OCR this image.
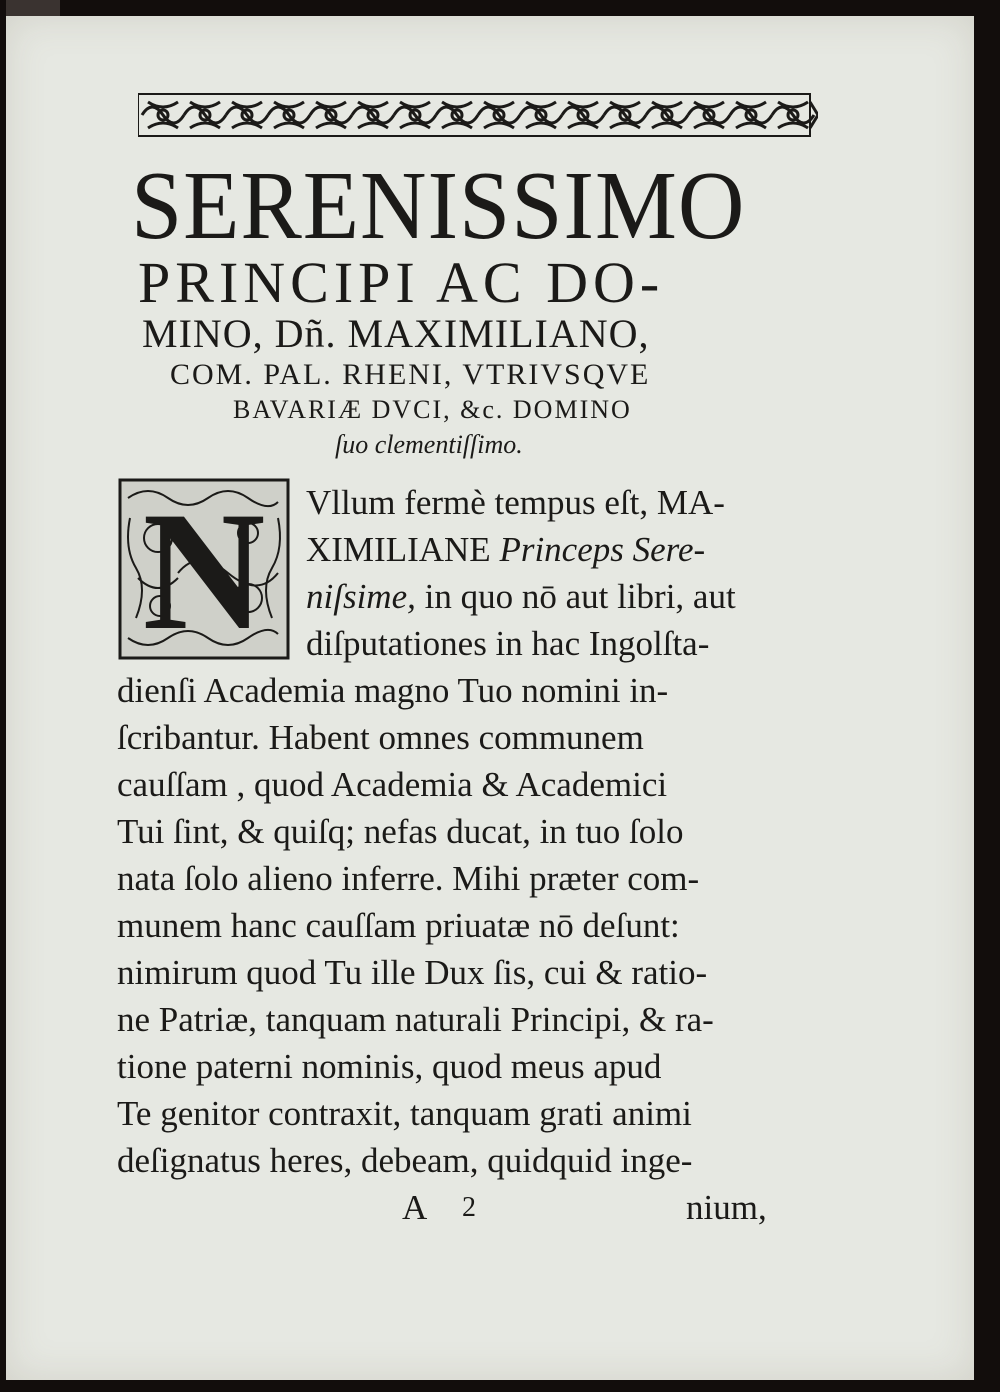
SERENISSIMO
PRINCIPI AC DO-
MINO, Dñ. MAXIMILIANO,
COM. PAL. RHENI, VTRIVSQVE
BAVARIÆ DVCI, &c. DOMINO
ſuo clementiſſimo.
N Vllum fermè tempus eſt, MA-
XIMILIANE Princeps Sere-
niſsime, in quo nō aut libri, aut
diſputationes in hac Ingolſta-
dienſi Academia magno Tuo nomini in-
ſcribantur. Habent omnes communem
cauſſam , quod Academia & Academici
Tui ſint, & quiſq; nefas ducat, in tuo ſolo
nata ſolo alieno inferre. Mihi præter com-
munem hanc cauſſam priuatæ nō deſunt:
nimirum quod Tu ille Dux ſis, cui & ratio-
ne Patriæ, tanquam naturali Principi, & ra-
tione paterni nominis, quod meus apud
Te genitor contraxit, tanquam grati animi
deſignatus heres, debeam, quidquid inge-
A 2	nium,
